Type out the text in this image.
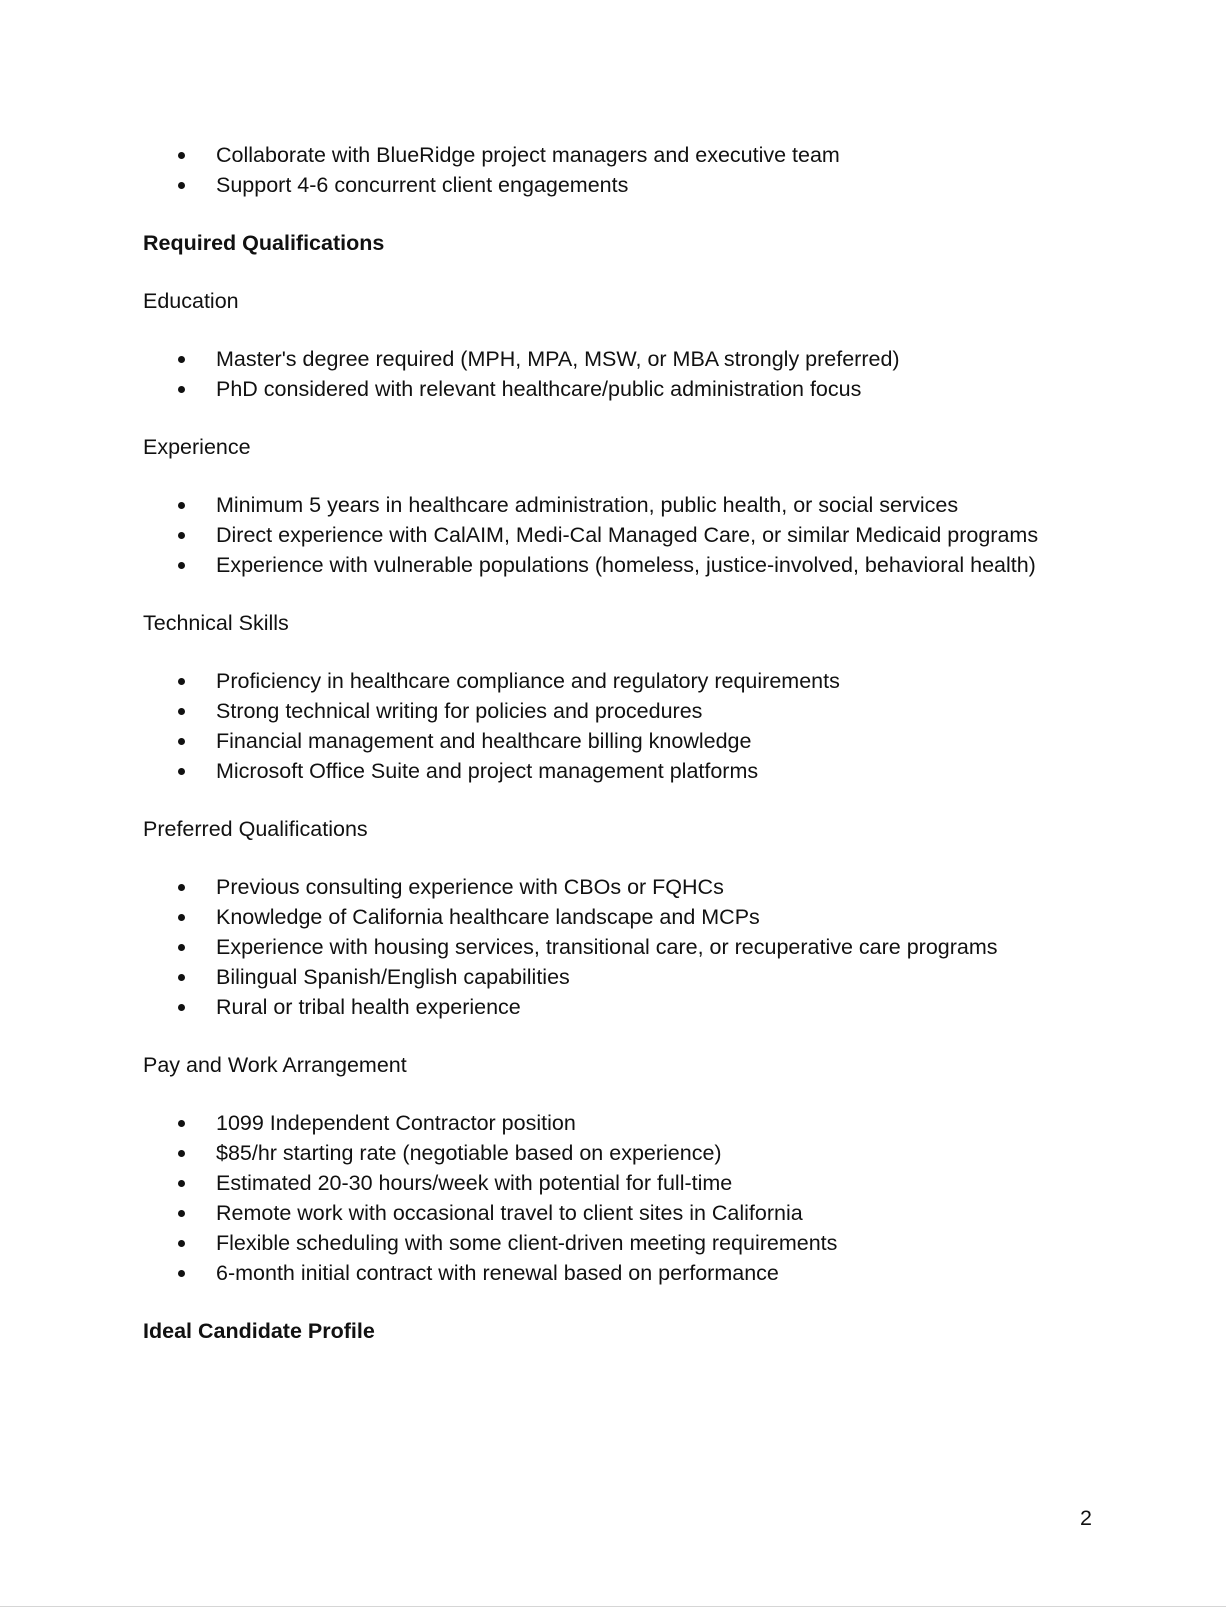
Collaborate with BlueRidge project managers and executive team
Support 4-6 concurrent client engagements

Required Qualifications

Education

Master's degree required (MPH, MPA, MSW, or MBA strongly preferred)
PhD considered with relevant healthcare/public administration focus

Experience

Minimum 5 years in healthcare administration, public health, or social services
Direct experience with CalAIM, Medi-Cal Managed Care, or similar Medicaid programs
Experience with vulnerable populations (homeless, justice-involved, behavioral health)

Technical Skills

Proficiency in healthcare compliance and regulatory requirements
Strong technical writing for policies and procedures
Financial management and healthcare billing knowledge
Microsoft Office Suite and project management platforms

Preferred Qualifications

Previous consulting experience with CBOs or FQHCs
Knowledge of California healthcare landscape and MCPs
Experience with housing services, transitional care, or recuperative care programs
Bilingual Spanish/English capabilities
Rural or tribal health experience

Pay and Work Arrangement

1099 Independent Contractor position
$85/hr starting rate (negotiable based on experience)
Estimated 20-30 hours/week with potential for full-time
Remote work with occasional travel to client sites in California
Flexible scheduling with some client-driven meeting requirements
6-month initial contract with renewal based on performance

Ideal Candidate Profile

2
